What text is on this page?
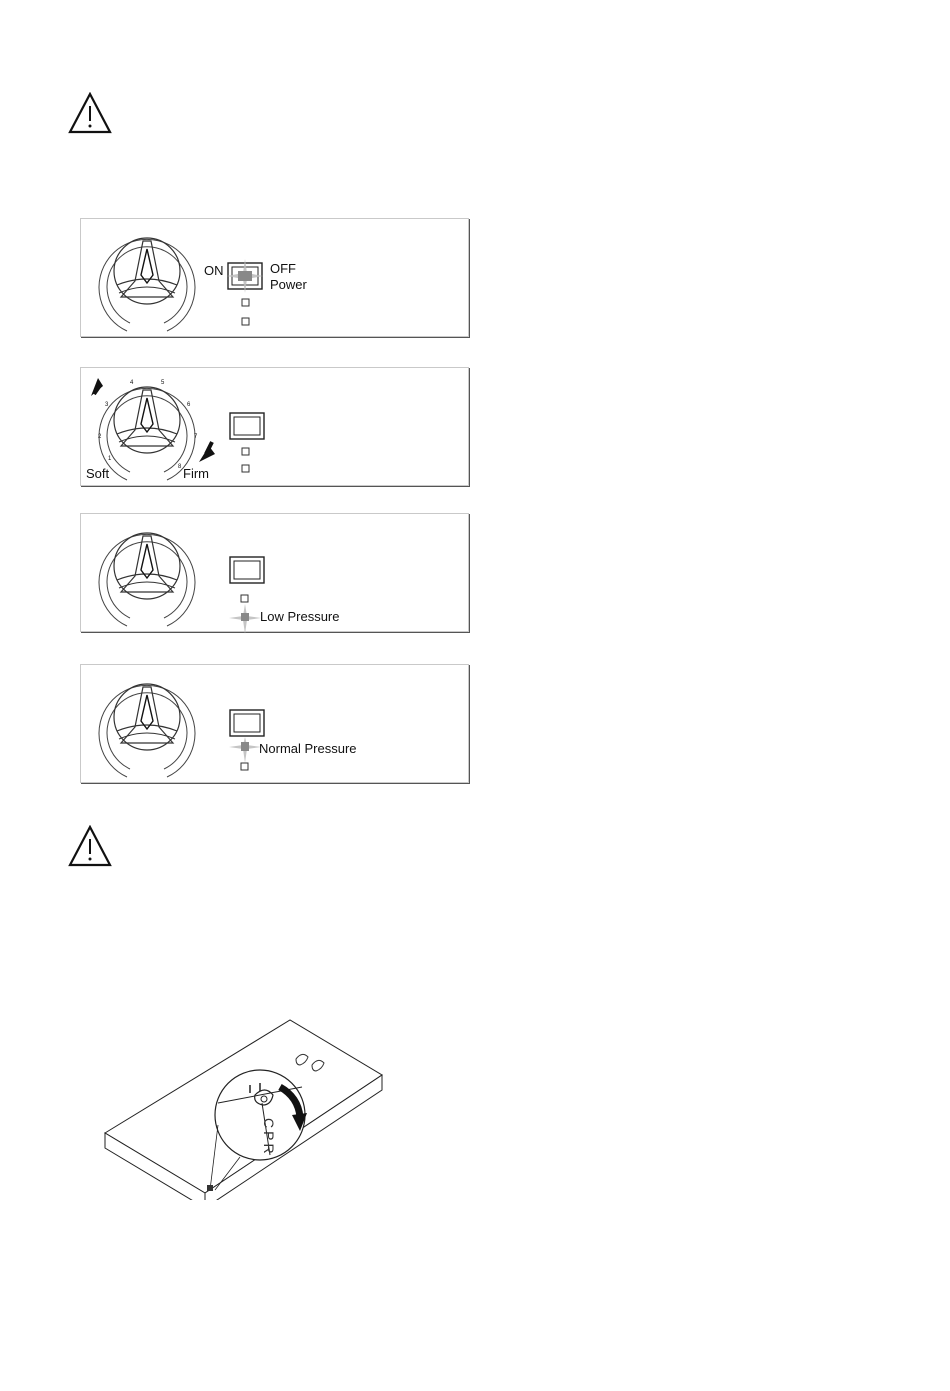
ON	OFF
Power
1
2
3
4	5
6
7
8
Soft	Firm
Low Pressure
Normal Pressure
CPR
